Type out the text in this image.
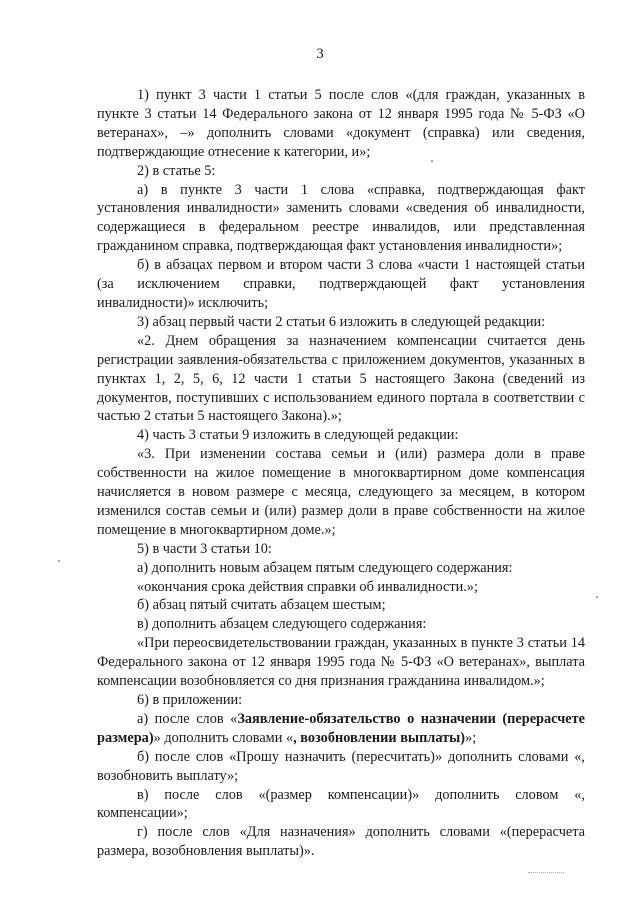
3

1) пункт 3 части 1 статьи 5 после слов «(для граждан, указанных в пункте 3 статьи 14 Федерального закона от 12 января 1995 года № 5-ФЗ «О ветеранах», –» дополнить словами «документ (справка) или сведения, подтверждающие отнесение к категории, и»;

2) в статье 5:

а) в пункте 3 части 1 слова «справка, подтверждающая факт установления инвалидности» заменить словами «сведения об инвалидности, содержащиеся в федеральном реестре инвалидов, или представленная гражданином справка, подтверждающая факт установления инвалидности»;

б) в абзацах первом и втором части 3 слова «части 1 настоящей статьи (за исключением справки, подтверждающей факт установления инвалидности)» исключить;

3) абзац первый части 2 статьи 6 изложить в следующей редакции:

«2. Днем обращения за назначением компенсации считается день регистрации заявления-обязательства с приложением документов, указанных в пунктах 1, 2, 5, 6, 12 части 1 статьи 5 настоящего Закона (сведений из документов, поступивших с использованием единого портала в соответствии с частью 2 статьи 5 настоящего Закона).»;

4) часть 3 статьи 9 изложить в следующей редакции:

«3. При изменении состава семьи и (или) размера доли в праве собственности на жилое помещение в многоквартирном доме компенсация начисляется в новом размере с месяца, следующего за месяцем, в котором изменился состав семьи и (или) размер доли в праве собственности на жилое помещение в многоквартирном доме.»;

5) в части 3 статьи 10:

а) дополнить новым абзацем пятым следующего содержания:

«окончания срока действия справки об инвалидности.»;

б) абзац пятый считать абзацем шестым;

в) дополнить абзацем следующего содержания:

«При переосвидетельствовании граждан, указанных в пункте 3 статьи 14 Федерального закона от 12 января 1995 года № 5-ФЗ «О ветеранах», выплата компенсации возобновляется со дня признания гражданина инвалидом.»;

6) в приложении:

а) после слов «Заявление-обязательство о назначении (перерасчете размера)» дополнить словами «, возобновлении выплаты)»;

б) после слов «Прошу назначить (пересчитать)» дополнить словами «, возобновить выплату»;

в) после слов «(размер компенсации)» дополнить словом «, компенсации»;

г) после слов «Для назначения» дополнить словами «(перерасчета размера, возобновления выплаты)».
